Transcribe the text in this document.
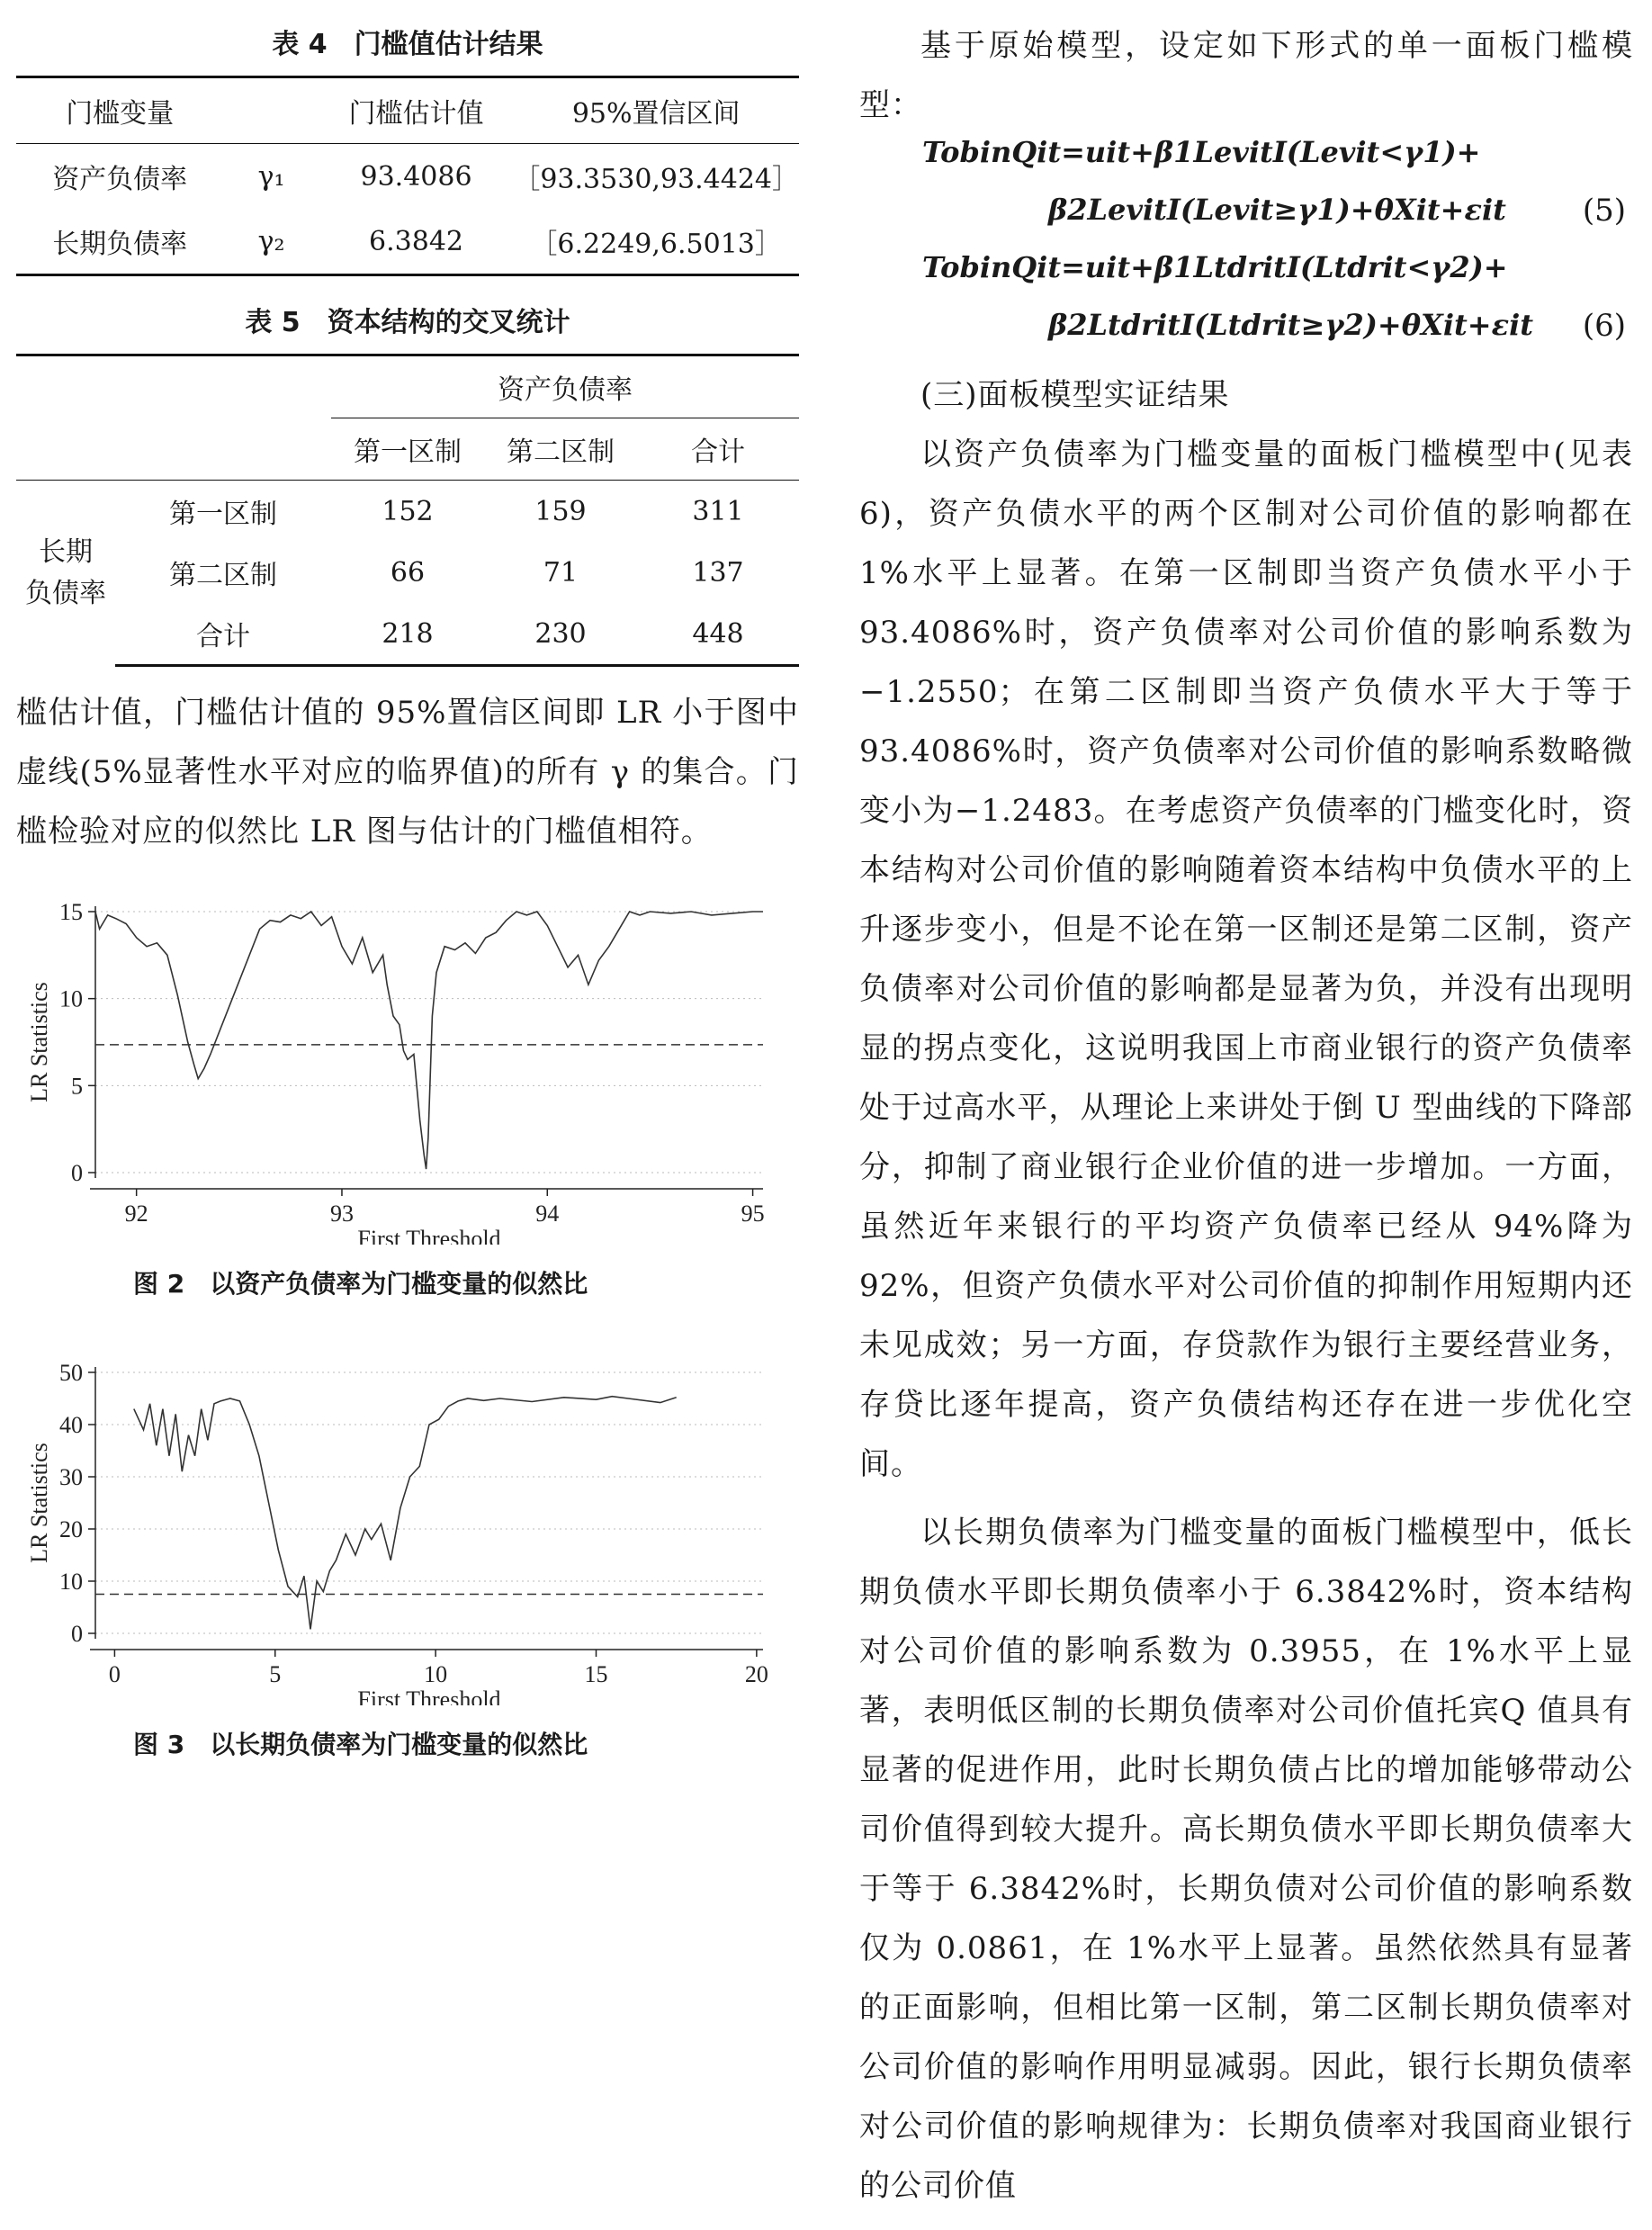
表 4　门槛值估计结果
门槛变量		门槛估计值	95%置信区间
资产负债率	γ₁	93.4086	［93.3530,93.4424］
长期负债率	γ₂	6.3842	［6.2249,6.5013］
表 5　资本结构的交叉统计
		资产负债率		
		第一区制	第二区制	合计
长期
负债率	第一区制	152	159	311
	第二区制	66	71	137
	合计	218	230	448

槛估计值，门槛估计值的 95%置信区间即 LR 小于图中虚线(5%显著性水平对应的临界值)的所有 γ 的集合。门槛检验对应的似然比 LR 图与估计的门槛值相符。

0
5
10
15
92	93	94	95
First Threshold
LR Statistics
图 2　以资产负债率为门槛变量的似然比
0
10
20
30
40
50
0	5	10	15	20
First Threshold
LR Statistics
图 3　以长期负债率为门槛变量的似然比

基于原始模型，设定如下形式的单一面板门槛模型：

TobinQit=uit+β1LevitI(Levit<γ1)+
β2LevitI(Levit≥γ1)+θXit+εit (5)
TobinQit=uit+β1LtdritI(Ltdrit<γ2)+
β2LtdritI(Ltdrit≥γ2)+θXit+εit (6)

(三)面板模型实证结果

以资产负债率为门槛变量的面板门槛模型中(见表 6)，资产负债水平的两个区制对公司价值的影响都在1%水平上显著。在第一区制即当资产负债水平小于 93.4086%时，资产负债率对公司价值的影响系数为−1.2550；在第二区制即当资产负债水平大于等于 93.4086%时，资产负债率对公司价值的影响系数略微变小为−1.2483。在考虑资产负债率的门槛变化时，资本结构对公司价值的影响随着资本结构中负债水平的上升逐步变小，但是不论在第一区制还是第二区制，资产负债率对公司价值的影响都是显著为负，并没有出现明显的拐点变化，这说明我国上市商业银行的资产负债率处于过高水平，从理论上来讲处于倒 U 型曲线的下降部分，抑制了商业银行企业价值的进一步增加。一方面，虽然近年来银行的平均资产负债率已经从 94%降为92%，但资产负债水平对公司价值的抑制作用短期内还未见成效；另一方面，存贷款作为银行主要经营业务，存贷比逐年提高，资产负债结构还存在进一步优化空间。

以长期负债率为门槛变量的面板门槛模型中，低长期负债水平即长期负债率小于 6.3842%时，资本结构对公司价值的影响系数为 0.3955，在 1%水平上显著，表明低区制的长期负债率对公司价值托宾Q 值具有显著的促进作用，此时长期负债占比的增加能够带动公司价值得到较大提升。高长期负债水平即长期负债率大于等于 6.3842%时，长期负债对公司价值的影响系数仅为 0.0861，在 1%水平上显著。虽然依然具有显著的正面影响，但相比第一区制，第二区制长期负债率对公司价值的影响作用明显减弱。因此，银行长期负债率对公司价值的影响规律为：长期负债率对我国商业银行的公司价值
